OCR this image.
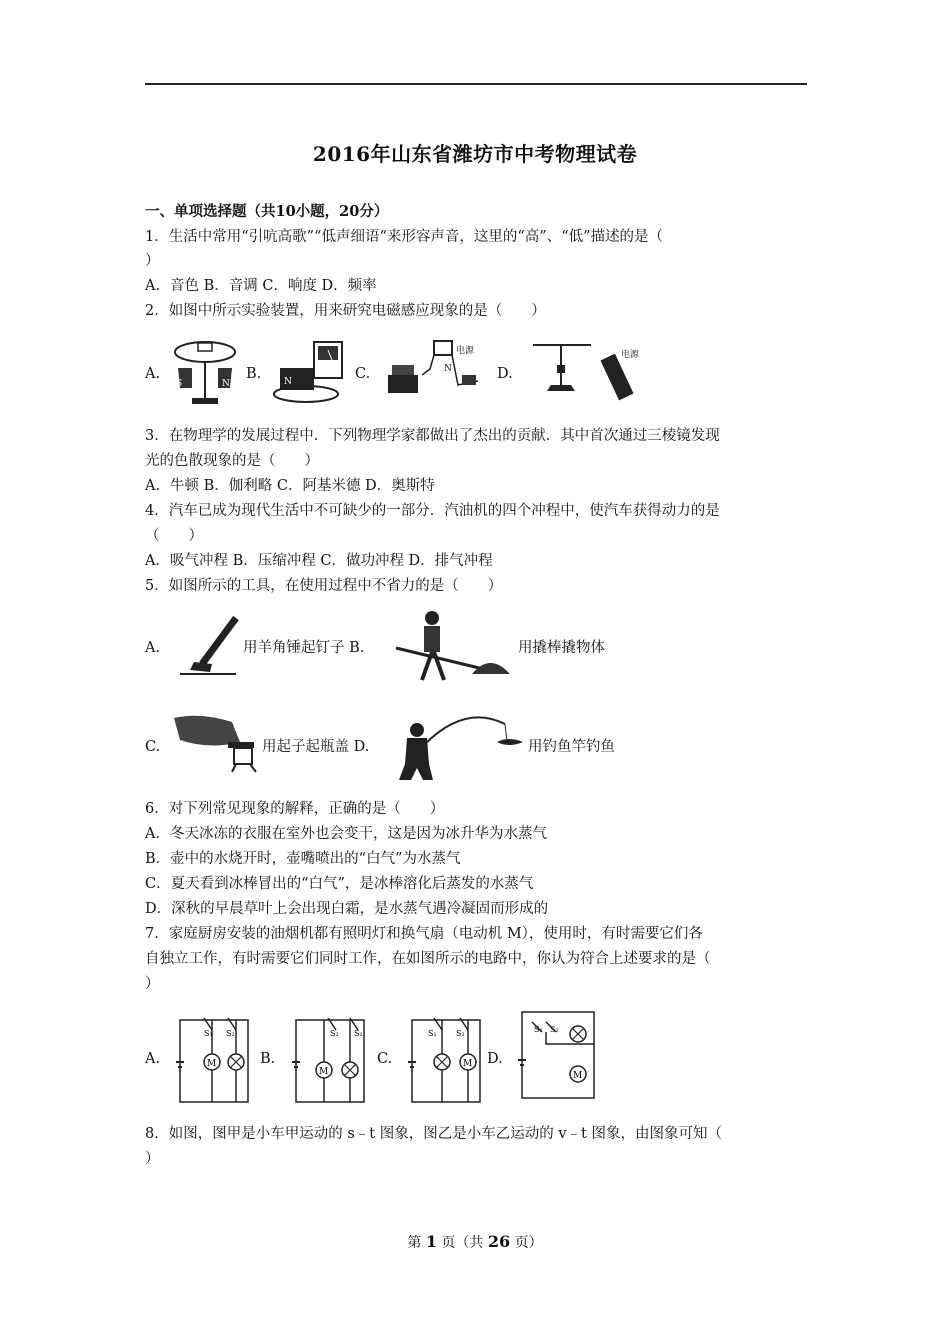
2016年山东省潍坊市中考物理试卷
一、单项选择题（共10小题，20分）
1．生活中常用“引吭高歌”“低声细语“来形容声音，这里的“高”、“低”描述的是（
）
A．音色 B．音调 C．响度 D．频率
2．如图中所示实验装置，用来研究电磁感应现象的是（　　）
A.
S	N
B.	N	C.
电源
N	D.
电源
3．在物理学的发展过程中．下列物理学家都做出了杰出的贡献．其中首次通过三棱镜发现
光的色散现象的是（　　）
A．牛顿 B．伽利略 C．阿基米德 D．奥斯特
4．汽车已成为现代生活中不可缺少的一部分．汽油机的四个冲程中，使汽车获得动力的是
（　　）
A．吸气冲程 B．压缩冲程 C．做功冲程 D．排气冲程
5．如图所示的工具，在使用过程中不省力的是（　　）
A.	用羊角锤起钉子 B.	用撬棒撬物体
C.	用起子起瓶盖 D.	用钓鱼竿钓鱼
6．对下列常见现象的解释，正确的是（　　）
A．冬天冰冻的衣服在室外也会变干，这是因为冰升华为水蒸气
B．壶中的水烧开时，壶嘴喷出的“白气”为水蒸气
C．夏天看到冰棒冒出的“白气”，是冰棒溶化后蒸发的水蒸气
D．深秋的早晨草叶上会出现白霜，是水蒸气遇冷凝固而形成的
7．家庭厨房安装的油烟机都有照明灯和换气扇（电动机 M），使用时，有时需要它们各
自独立工作，有时需要它们同时工作，在如图所示的电路中，你认为符合上述要求的是（
）
A.
S₁ S₂
M	B.
S₂ S₁
M
C.
S₁ S₂
M D.
S₁ S₂
M
8．如图，图甲是小车甲运动的 s﹣t 图象，图乙是小车乙运动的 v﹣t 图象，由图象可知（
）
第 1 页（共 26 页）
